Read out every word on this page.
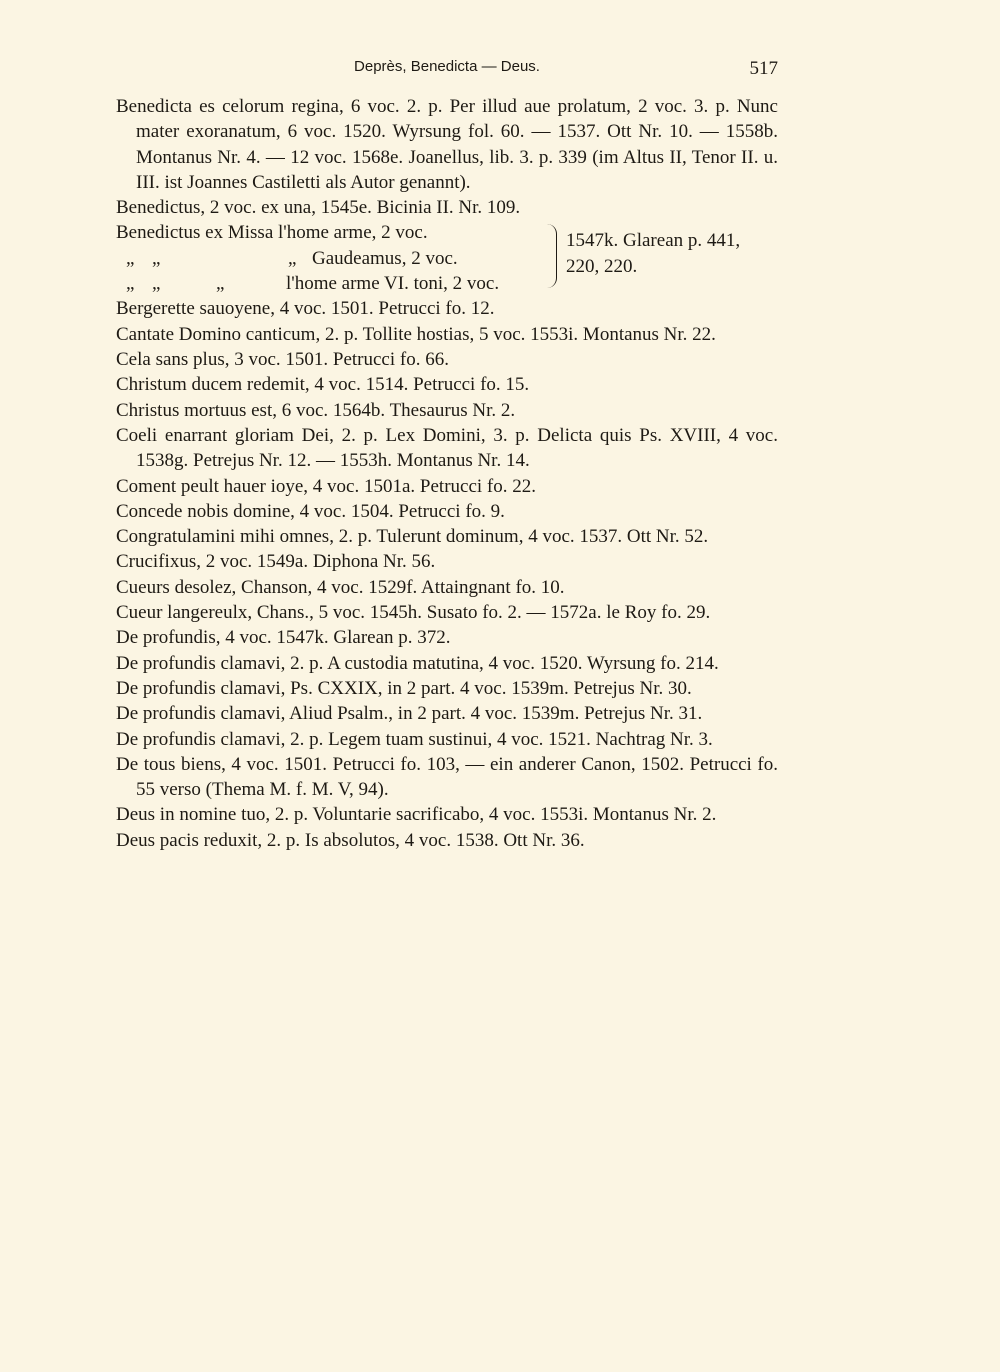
Deprès, Benedicta — Deus.	517
Benedicta es celorum regina, 6 voc. 2. p. Per illud aue prolatum, 2 voc. 3. p. Nunc mater exoranatum, 6 voc. 1520. Wyrsung fol. 60. — 1537. Ott Nr. 10. — 1558b. Montanus Nr. 4. — 12 voc. 1568e. Joanellus, lib. 3. p. 339 (im Altus II, Tenor II. u. III. ist Joannes Castiletti als Autor genannt).
Benedictus, 2 voc. ex una, 1545e. Bicinia II. Nr. 109.
Benedictus ex Missa l'home arme, 2 voc.
„ „	„ Gaudeamus, 2 voc.
„ „	„	l'home arme VI. toni, 2 voc.
1547k. Glarean p. 441, 220, 220.
Bergerette sauoyene, 4 voc. 1501. Petrucci fo. 12.
Cantate Domino canticum, 2. p. Tollite hostias, 5 voc. 1553i. Montanus Nr. 22.
Cela sans plus, 3 voc. 1501. Petrucci fo. 66.
Christum ducem redemit, 4 voc. 1514. Petrucci fo. 15.
Christus mortuus est, 6 voc. 1564b. Thesaurus Nr. 2.
Coeli enarrant gloriam Dei, 2. p. Lex Domini, 3. p. Delicta quis Ps. XVIII, 4 voc. 1538g. Petrejus Nr. 12. — 1553h. Montanus Nr. 14.
Coment peult hauer ioye, 4 voc. 1501a. Petrucci fo. 22.
Concede nobis domine, 4 voc. 1504. Petrucci fo. 9.
Congratulamini mihi omnes, 2. p. Tulerunt dominum, 4 voc. 1537. Ott Nr. 52.
Crucifixus, 2 voc. 1549a. Diphona Nr. 56.
Cueurs desolez, Chanson, 4 voc. 1529f. Attaingnant fo. 10.
Cueur langereulx, Chans., 5 voc. 1545h. Susato fo. 2. — 1572a. le Roy fo. 29.
De profundis, 4 voc. 1547k. Glarean p. 372.
De profundis clamavi, 2. p. A custodia matutina, 4 voc. 1520. Wyrsung fo. 214.
De profundis clamavi, Ps. CXXIX, in 2 part. 4 voc. 1539m. Petrejus Nr. 30.
De profundis clamavi, Aliud Psalm., in 2 part. 4 voc. 1539m. Petrejus Nr. 31.
De profundis clamavi, 2. p. Legem tuam sustinui, 4 voc. 1521. Nachtrag Nr. 3.
De tous biens, 4 voc. 1501. Petrucci fo. 103, — ein anderer Canon, 1502. Petrucci fo. 55 verso (Thema M. f. M. V, 94).
Deus in nomine tuo, 2. p. Voluntarie sacrificabo, 4 voc. 1553i. Montanus Nr. 2.
Deus pacis reduxit, 2. p. Is absolutos, 4 voc. 1538. Ott Nr. 36.
